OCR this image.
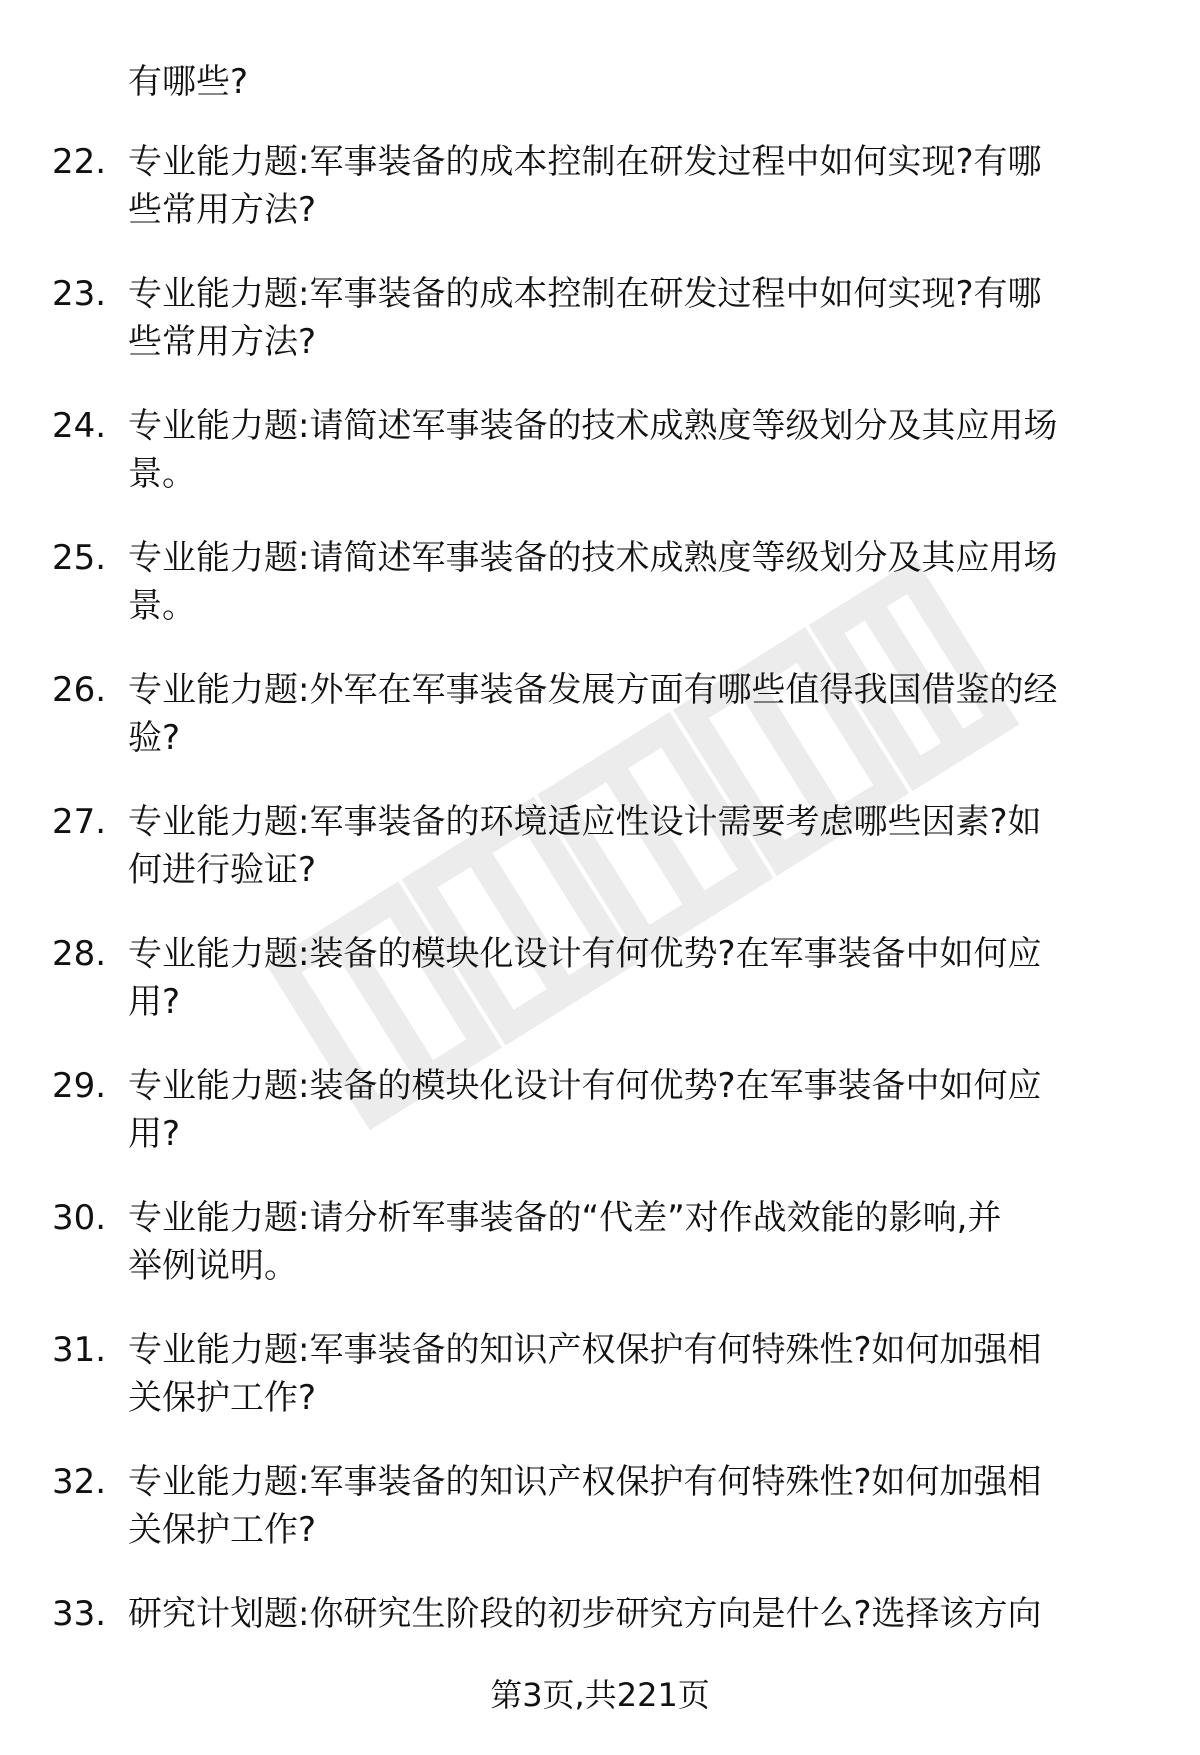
有哪些?
22. 专业能力题:军事装备的成本控制在研发过程中如何实现?有哪
些常用方法?
23. 专业能力题:军事装备的成本控制在研发过程中如何实现?有哪
些常用方法?
24. 专业能力题:请简述军事装备的技术成熟度等级划分及其应用场
景。
25. 专业能力题:请简述军事装备的技术成熟度等级划分及其应用场
景。
26. 专业能力题:外军在军事装备发展方面有哪些值得我国借鉴的经
验?
27. 专业能力题:军事装备的环境适应性设计需要考虑哪些因素?如
何进行验证?
28. 专业能力题:装备的模块化设计有何优势?在军事装备中如何应
用?
29. 专业能力题:装备的模块化设计有何优势?在军事装备中如何应
用?
30. 专业能力题:请分析军事装备的“代差”对作战效能的影响,并
举例说明。
31. 专业能力题:军事装备的知识产权保护有何特殊性?如何加强相
关保护工作?
32. 专业能力题:军事装备的知识产权保护有何特殊性?如何加强相
关保护工作?
33. 研究计划题:你研究生阶段的初步研究方向是什么?选择该方向
第3页,共221页
